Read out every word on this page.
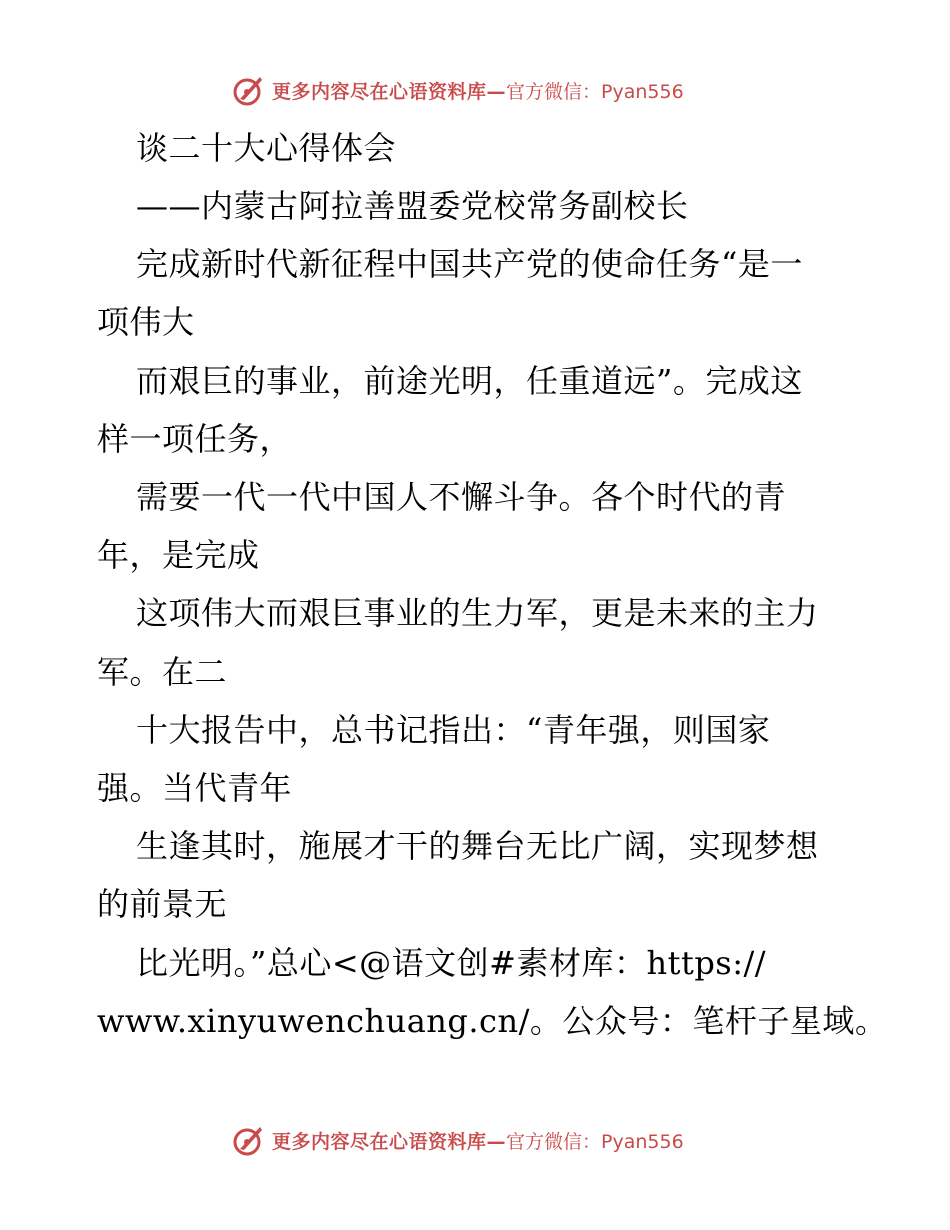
更多内容尽在心语资料库— 官方微信：Pyan556
谈二十大心得体会
——内蒙古阿拉善盟委党校常务副校长
完成新时代新征程中国共产党的使命任务“是一
项伟大
而艰巨的事业，前途光明，任重道远”。完成这
样一项任务，
需要一代一代中国人不懈斗争。各个时代的青
年，是完成
这项伟大而艰巨事业的生力军，更是未来的主力
军。在二
十大报告中，总书记指出：“青年强，则国家
强。当代青年
生逢其时，施展才干的舞台无比广阔，实现梦想
的前景无
比光明。”总心<@语文创#素材库：https://
www.xinyuwenchuang.cn/。公众号：笔杆子星域。
更多内容尽在心语资料库— 官方微信：Pyan556
